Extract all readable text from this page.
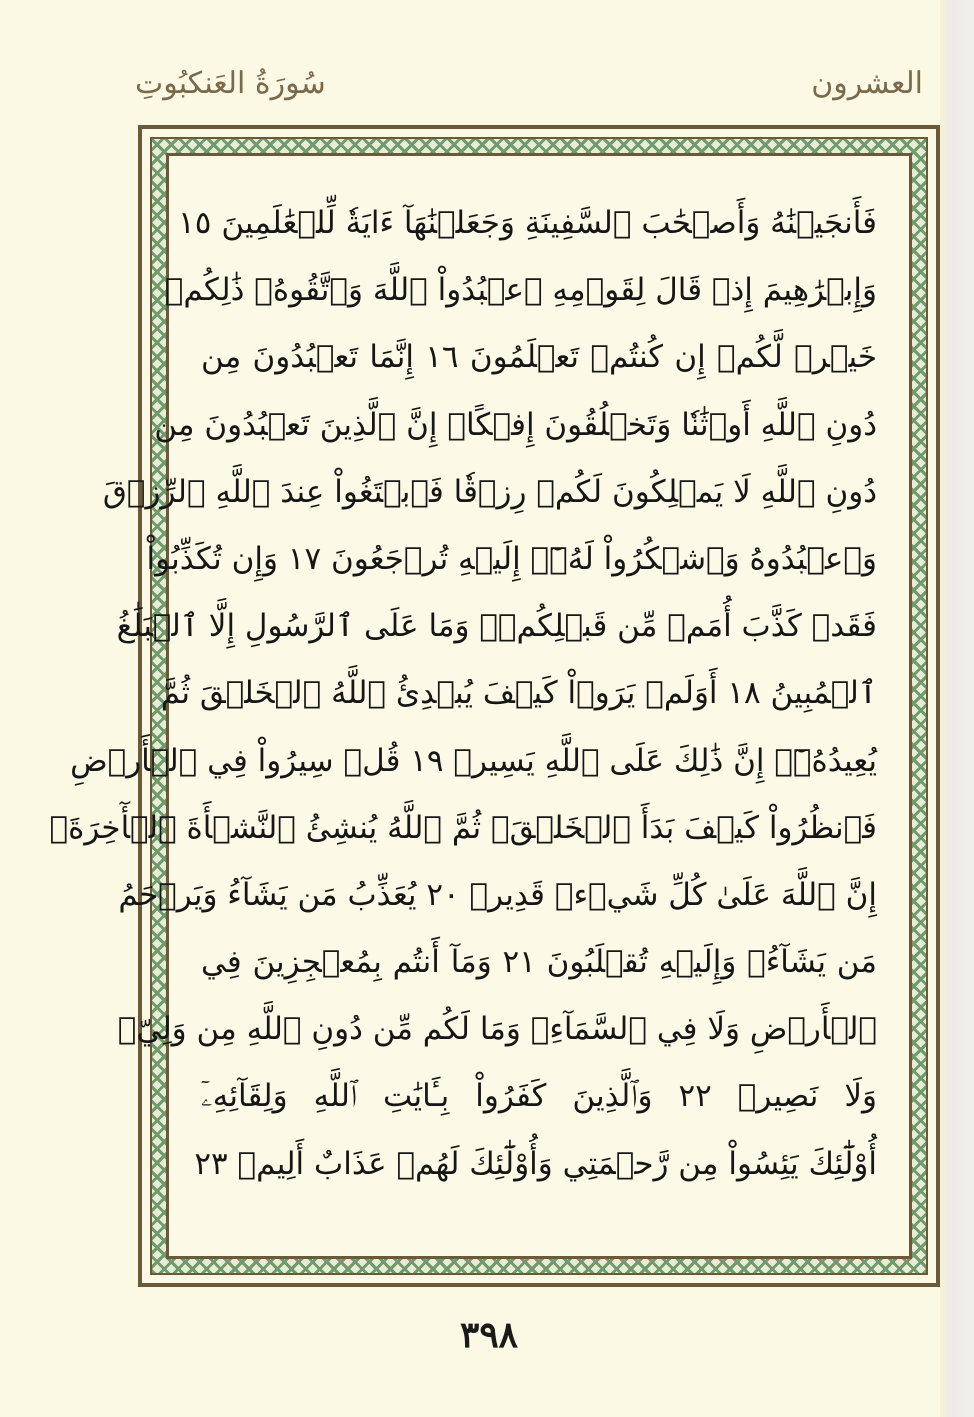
سُورَةُ العَنكبُوتِ	العشرون
فَأَنجَيۡنَٰهُ وَأَصۡحَٰبَ ٱلسَّفِينَةِ وَجَعَلۡنَٰهَآ ءَايَةٗ لِّلۡعَٰلَمِينَ ١٥
وَإِبۡرَٰهِيمَ إِذۡ قَالَ لِقَوۡمِهِ ٱعۡبُدُواْ ٱللَّهَ وَٱتَّقُوهُۖ ذَٰلِكُمۡ
خَيۡرٞ لَّكُمۡ إِن كُنتُمۡ تَعۡلَمُونَ ١٦ إِنَّمَا تَعۡبُدُونَ مِن
دُونِ ٱللَّهِ أَوۡثَٰنٗا وَتَخۡلُقُونَ إِفۡكًاۚ إِنَّ ٱلَّذِينَ تَعۡبُدُونَ مِن
دُونِ ٱللَّهِ لَا يَمۡلِكُونَ لَكُمۡ رِزۡقٗا فَٱبۡتَغُواْ عِندَ ٱللَّهِ ٱلرِّزۡقَ
وَٱعۡبُدُوهُ وَٱشۡكُرُواْ لَهُۥٓۖ إِلَيۡهِ تُرۡجَعُونَ ١٧ وَإِن تُكَذِّبُواْ
فَقَدۡ كَذَّبَ أُمَمٞ مِّن قَبۡلِكُمۡۖ وَمَا عَلَى ٱلرَّسُولِ إِلَّا ٱلۡبَلَٰغُ
ٱلۡمُبِينُ ١٨ أَوَلَمۡ يَرَوۡاْ كَيۡفَ يُبۡدِئُ ٱللَّهُ ٱلۡخَلۡقَ ثُمَّ
يُعِيدُهُۥٓۚ إِنَّ ذَٰلِكَ عَلَى ٱللَّهِ يَسِيرٞ ١٩ قُلۡ سِيرُواْ فِي ٱلۡأَرۡضِ
فَٱنظُرُواْ كَيۡفَ بَدَأَ ٱلۡخَلۡقَۚ ثُمَّ ٱللَّهُ يُنشِئُ ٱلنَّشۡأَةَ ٱلۡأٓخِرَةَۚ
إِنَّ ٱللَّهَ عَلَىٰ كُلِّ شَيۡءٖ قَدِيرٞ ٢٠ يُعَذِّبُ مَن يَشَآءُ وَيَرۡحَمُ
مَن يَشَآءُۖ وَإِلَيۡهِ تُقۡلَبُونَ ٢١ وَمَآ أَنتُم بِمُعۡجِزِينَ فِي
ٱلۡأَرۡضِ وَلَا فِي ٱلسَّمَآءِۖ وَمَا لَكُم مِّن دُونِ ٱللَّهِ مِن وَلِيّٖ
وَلَا نَصِيرٖ ٢٢ وَٱلَّذِينَ كَفَرُواْ بِـَٔايَٰتِ ٱللَّهِ وَلِقَآئِهِۦٓ
أُوْلَٰٓئِكَ يَئِسُواْ مِن رَّحۡمَتِي وَأُوْلَٰٓئِكَ لَهُمۡ عَذَابٌ أَلِيمٞ ٢٣
٣٩٨
